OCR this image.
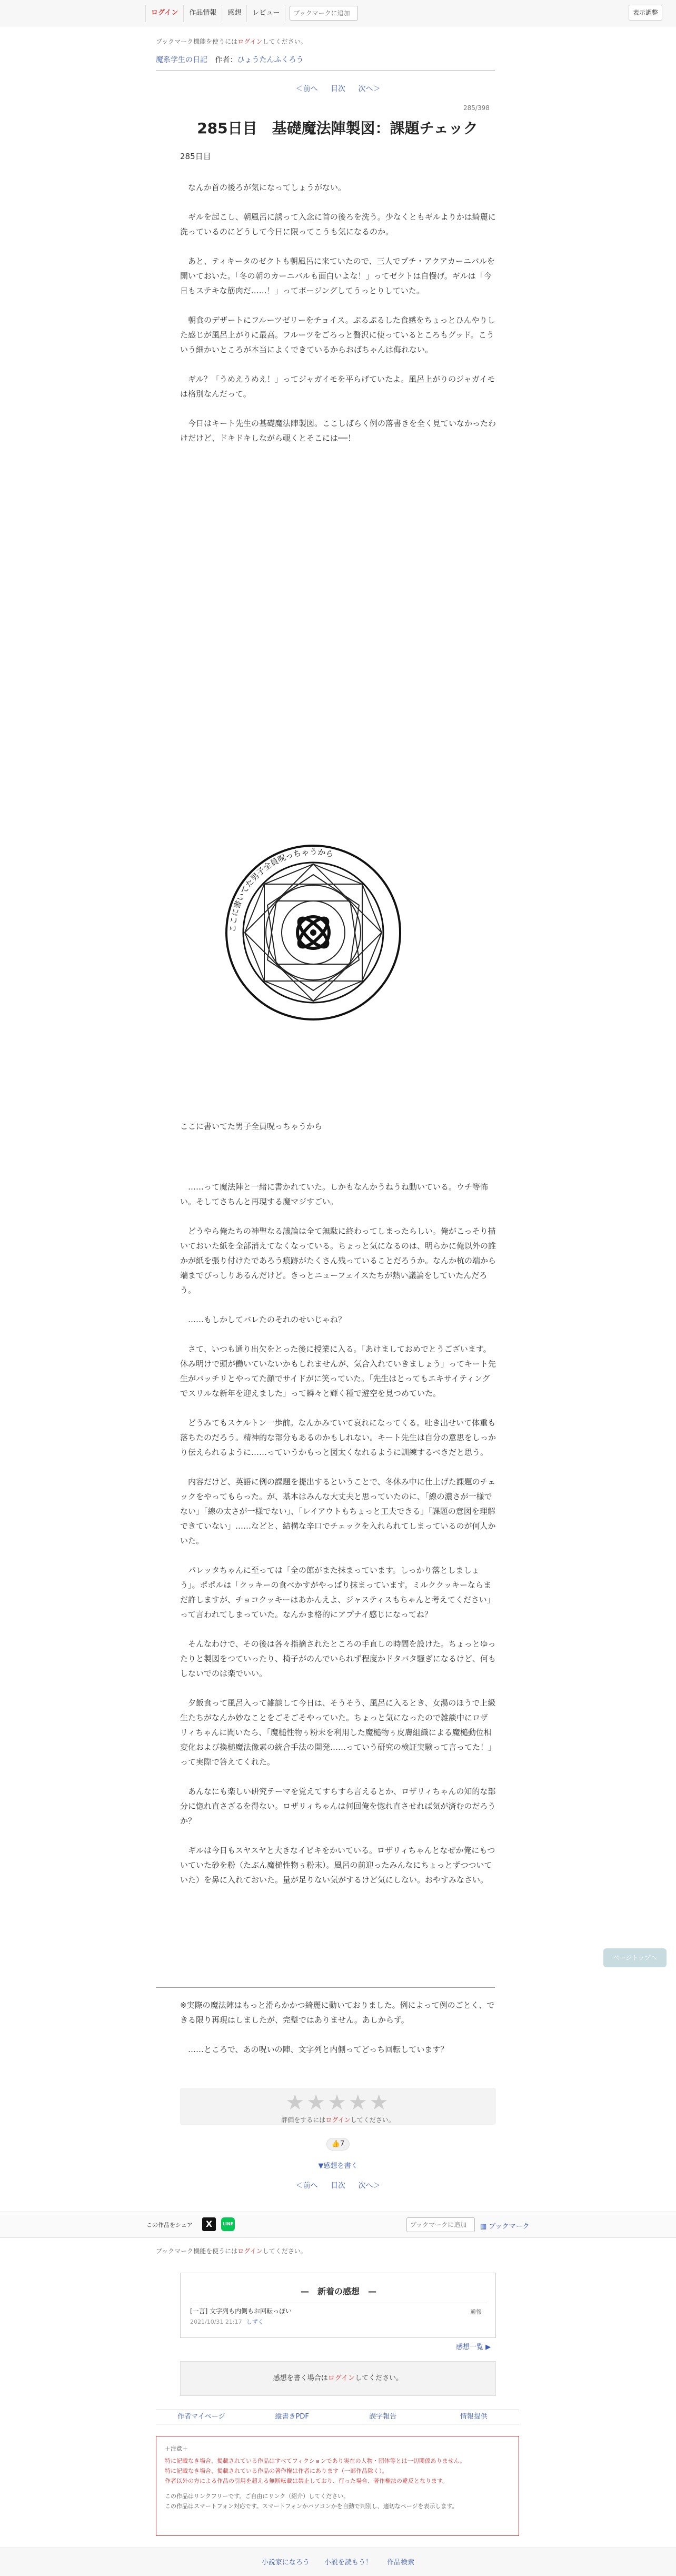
ログイン	作品情報	感想	レビュー
ブックマークに追加	表示調整
ブックマーク機能を使うにはログインしてください。
魔系学生の日記 作者：ひょうたんふくろう
＜前へ 目次 次へ＞
285/398
285日目　基礎魔法陣製図：課題チェック
285日目

　なんか首の後ろが気になってしょうがない。

　ギルを起こし、朝風呂に誘って入念に首の後ろを洗う。少なくともギルよりかは綺麗に洗っているのにどうして今日に限ってこうも気になるのか。

　あと、ティキータのゼクトも朝風呂に来ていたので、三人でプチ・アクアカーニバルを開いておいた。「冬の朝のカーニバルも面白いよな！」ってゼクトは自慢げ。ギルは「今日もステキな筋肉だ……！」ってポージングしてうっとりしていた。

　朝食のデザートにフルーツゼリーをチョイス。ぷるぷるした食感をちょっとひんやりした感じが風呂上がりに最高。フルーツをごろっと贅沢に使っているところもグッド。こういう細かいところが本当によくできているからおばちゃんは侮れない。

　ギル？「うめえうめえ！」ってジャガイモを平らげていたよ。風呂上がりのジャガイモは格別なんだって。

　今日はキート先生の基礎魔法陣製図。ここしばらく例の落書きを全く見ていなかったわけだけど、ドキドキしながら覗くとそこには──！

ここに書いてた男子全員呪っちゃうから
ここに書いてた男子全員呪っちゃうから

　……って魔法陣と一緒に書かれていた。しかもなんかうねうね動いている。ウチ等怖い。そしてさちんと再現する魔マジすごい。

　どうやら俺たちの神聖なる議論は全て無駄に終わってしまったらしい。俺がこっそり描いておいた紙を全部消えてなくなっている。ちょっと気になるのは、明らかに俺以外の誰かが紙を張り付けたであろう痕跡がたくさん残っていることだろうか。なんか杭の端から端までびっしりあるんだけど。きっとニューフェイスたちが熱い議論をしていたんだろう。

　……もしかしてバレたのそれのせいじゃね？

　さて、いつも通り出欠をとった後に授業に入る。「あけましておめでとうございます。休み明けで頭が働いていないかもしれませんが、気合入れていきましょう」ってキート先生がバッチリとやってた顔でサイドがに笑っていた。「先生はとってもエキサイティングでスリルな新年を迎えました」って瞬々と輝く種で遊空を見つめていた。

　どうみてもスケルトン一歩前。なんかみていて哀れになってくる。吐き出せいて体重も落ちたのだろう。精神的な部分もあるのかもしれない。キート先生は自分の意思をしっかり伝えられるように……っていうかもっと図太くなれるように訓練するべきだと思う。

　内容だけど、英語に例の課題を提出するということで、冬休み中に仕上げた課題のチェックをやってもらった。が、基本はみんな大丈夫と思っていたのに、「線の濃さが一様でない」「線の太さが一様でない」、「レイアウトもちょっと工夫できる」「課題の意図を理解できていない」……などと、結構な辛口でチェックを入れられてしまっているのが何人かいた。

　パレッタちゃんに至っては「全の館がまた抹まっています。しっかり落としましょう」。ポポルは「クッキーの食べかすがやっぱり抹まっています。ミルククッキーならまだ許しますが、チョコクッキーはあかんえよ、ジャスティスもちゃんと考えてください」って言われてしまっていた。なんかま格的にアプナイ感じになってね？

　そんなわけで、その後は各々指摘されたところの手直しの時間を設けた。ちょっとゆったりと製図をつていったり、椅子がのんでいられず程度かドタバタ騒ぎになるけど、何もしないでのは楽でいい。

　夕飯食って風呂入って雑談して今日は、そうそう、風呂に入るとき、女湯のほうで上級生たちがなんか妙なことをごそごそやっていた。ちょっと気になったので雑談中にロザリィちゃんに聞いたら、「魔槌性物ぅ粉末を利用した魔槌物ぅ皮膚組織による魔槌動位相変化および換槌魔法像素の統合手法の開発……っていう研究の検証実験って言ってた！」って実際で答えてくれた。

　あんなにも楽しい研究テーマを覚えてすらすら言えるとか、ロザリィちゃんの知的な部分に惚れ直さざるを得ない。ロザリィちゃんは何回俺を惚れ直させれば気が済むのだろうか？

　ギルは今日もスヤスヤと大きなイビキをかいている。ロザリィちゃんとなぜか俺にもついていた砂を粉（たぶん魔槌性物ぅ粉末）。風呂の前迎ったみんなにちょっとずつついていた）を鼻に入れておいた。量が足りない気がするけど気にしない。おやすみなさい。

ページトップへ

※実際の魔法陣はもっと滑らかかつ綺麗に動いておりました。例によって例のごとく、できる限り再現はしましたが、完璧ではありません。あしからず。

　……ところで、あの呪いの陣、文字列と内側ってどっち回転しています？

★★★★★
評価をするにはログインしてください。
👍7
▼感想を書く
＜前へ 目次 次へ＞
この作品をシェア	X	LINE
ブックマークに追加	▦ ブックマーク
ブックマーク機能を使うにはログインしてください。
—　新着の感想　—
[一言] 文字列も内側もお回転っぽい
2021/10/31 21:17 しずく
通報
感想一覧 ▶
感想を書く場合はログインしてください。
作者マイページ	縦書きPDF	誤字報告	情報提供
＋注意＋
特に記載なき場合、掲載されている作品はすべてフィクションであり実在の人物・団体等とは一切関係ありません。
特に記載なき場合、掲載されている作品の著作権は作者にあります（一部作品除く）。
作者以外の方による作品の引用を超える無断転載は禁止しており、行った場合、著作権法の違反となります。
この作品はリンクフリーです。ご自由にリンク（紹介）してください。
この作品はスマートフォン対応です。スマートフォンかパソコンかを自動で判別し、適切なページを表示します。
小説家になろう 小説を読もう！ 作品検索
